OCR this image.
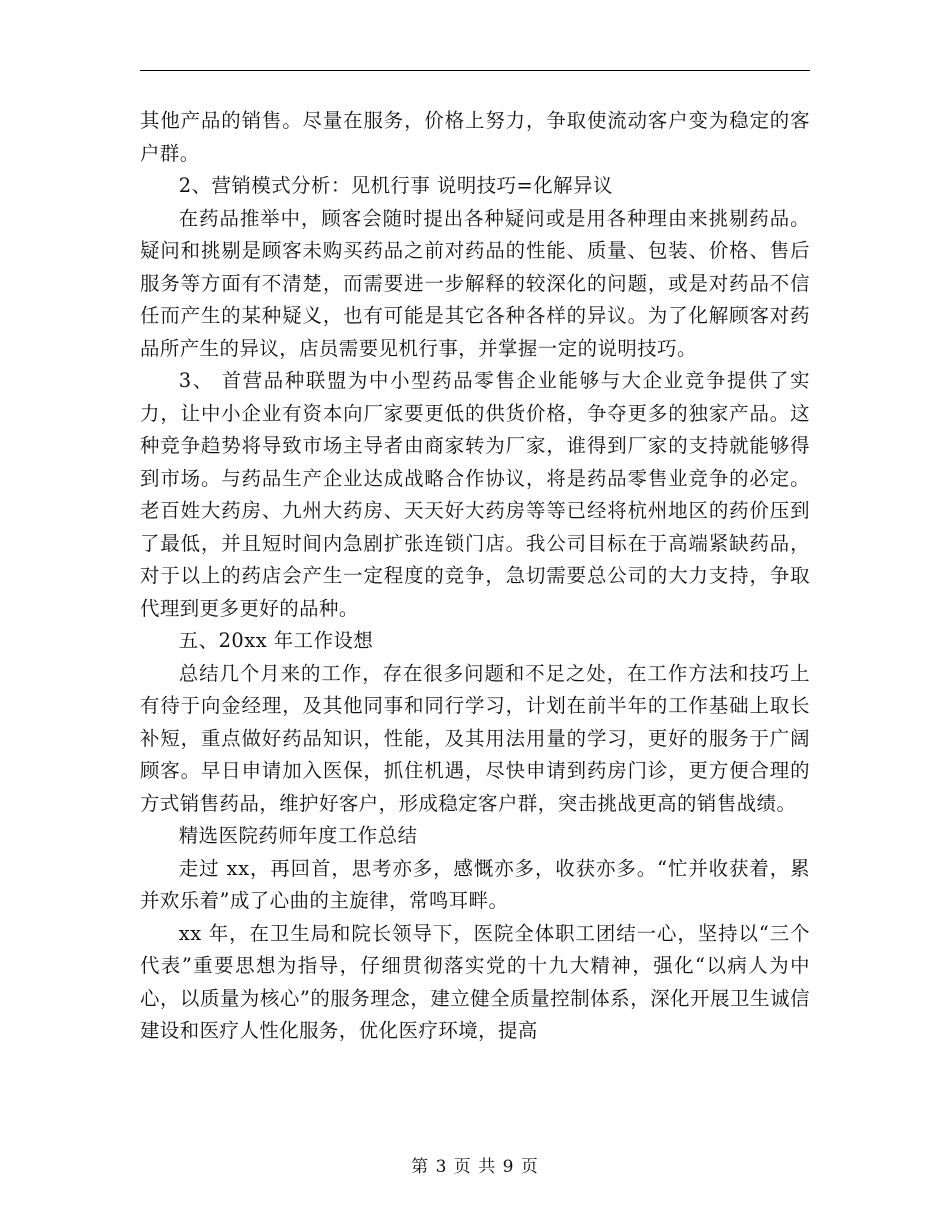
其他产品的销售。尽量在服务，价格上努力，争取使流动客户变为稳定的客户群。

2、营销模式分析：见机行事 说明技巧=化解异议

在药品推举中，顾客会随时提出各种疑问或是用各种理由来挑剔药品。疑问和挑剔是顾客未购买药品之前对药品的性能、质量、包装、价格、售后服务等方面有不清楚，而需要进一步解释的较深化的问题，或是对药品不信任而产生的某种疑义，也有可能是其它各种各样的异议。为了化解顾客对药品所产生的异议，店员需要见机行事，并掌握一定的说明技巧。

3、 首营品种联盟为中小型药品零售企业能够与大企业竞争提供了实力，让中小企业有资本向厂家要更低的供货价格，争夺更多的独家产品。这种竞争趋势将导致市场主导者由商家转为厂家，谁得到厂家的支持就能够得到市场。与药品生产企业达成战略合作协议，将是药品零售业竞争的必定。老百姓大药房、九州大药房、天天好大药房等等已经将杭州地区的药价压到了最低，并且短时间内急剧扩张连锁门店。我公司目标在于高端紧缺药品，对于以上的药店会产生一定程度的竞争，急切需要总公司的大力支持，争取代理到更多更好的品种。

五、20xx 年工作设想

总结几个月来的工作，存在很多问题和不足之处，在工作方法和技巧上有待于向金经理，及其他同事和同行学习，计划在前半年的工作基础上取长补短，重点做好药品知识，性能，及其用法用量的学习，更好的服务于广阔顾客。早日申请加入医保，抓住机遇，尽快申请到药房门诊，更方便合理的方式销售药品，维护好客户，形成稳定客户群，突击挑战更高的销售战绩。

精选医院药师年度工作总结

走过 xx，再回首，思考亦多，感慨亦多，收获亦多。“忙并收获着，累并欢乐着”成了心曲的主旋律，常鸣耳畔。

xx 年，在卫生局和院长领导下，医院全体职工团结一心，坚持以“三个代表”重要思想为指导，仔细贯彻落实党的十九大精神，强化“以病人为中心，以质量为核心”的服务理念，建立健全质量控制体系，深化开展卫生诚信建设和医疗人性化服务，优化医疗环境，提高

第 3 页 共 9 页
